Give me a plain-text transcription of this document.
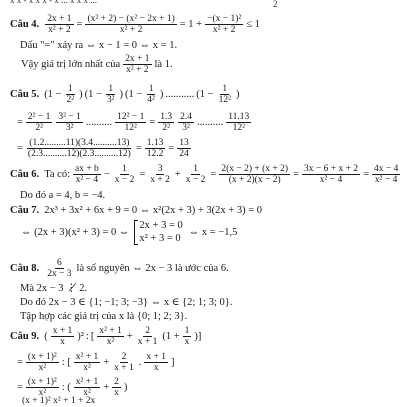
x x - x x x - x ... x x x ...	2
Câu 4. $\frac{2x + 1}{\text{x² + 2}} = \frac{\text{(x² + 2) − (x² − 2x + 1)}}{\text{x² + 2}} = 1 + \frac{\text{−(x − 1)²}}{\text{x² + 2}} \le 1$
Dấu "=" xảy ra ⇔ x − 1 = 0 ⇔ x = 1.
Vậy giá trị lớn nhất của $\frac{2x + 1}{\text{x² + 2}}$ là 1.
Câu 5. ($1 - \frac{1}{\text{2²}}$ ) ($1 - \frac{1}{\text{3²}}$ ) ($1 - \frac{1}{\text{4²}}$ ) ........... ($1 - \frac{1}{\text{12²}}$ )
= $\frac{\text{2² − 1}}{\text{2²}} \frac{\text{3² − 1}}{\text{3²}}$ .......... $\frac{\text{12² − 1}}{\text{12²}} = \frac{1.3}{\text{2²}} \frac{2.4}{\text{3²}}$ .......... $\frac{11.13}{\text{12²}}$
= $\frac{(1.2.........11)(3.4..........13)}{(2.3..........12)(2.3..........12)} = \frac{1.13}{12.2} = \frac{13}{24}$
Câu 6. Ta có: $\frac{ax + b}{\text{x² − 4}} - \frac{1}{x - 2} = \frac{3}{x + 2} + \frac{1}{x - 2} = \frac{2(x - 2) + (x + 2)}{(x + 2)(x - 2)} = \frac{3x - 6 + x + 2}{\text{x² − 4}} = \frac{4x - 4}{\text{x² − 4}}$
Do đó a = 4, b = −4.
Câu 7. 2x³ + 3x² + 6x + 9 = 0 ⇔ x²(2x + 3) + 3(2x + 3) = 0
⇔ (2x + 3)(x² + 3) = 0 ⇔
2x + 3 = 0
x² + 3 = 0
⇔ x = −1,5
Câu 8. $\frac{6}{2x - 3}$ là số nguyên ⇔ 2x − 3 là ước của 6.
Mà 2x − 3 ⋮̸ 2.
Do đó 2x − 3 ∈ {1; −1; 3; −3} ⇔ x ∈ {2; 1; 3; 0}.
Tập hợp các giá trị của x là {0; 1; 2; 3}.
Câu 9. ( $\frac{x + 1}{x} )^2$ : [ $\frac{\text{x² + 1}}{\text{x²}} + \frac{2}{x + 1} (1 + \frac{1}{x}$ )]
= $\frac{\text{(x + 1)²}}{\text{x²}}$ : [ $\frac{\text{x² + 1}}{\text{x²}} + \frac{2}{x + 1}$ . $\frac{x + 1}{x}$ ]
= $\frac{\text{(x + 1)²}}{\text{x²}}$ : ( $\frac{\text{x² + 1}}{\text{x²}} + \frac{2}{x}$ )
(x + 1)² x² + 1 + 2x
